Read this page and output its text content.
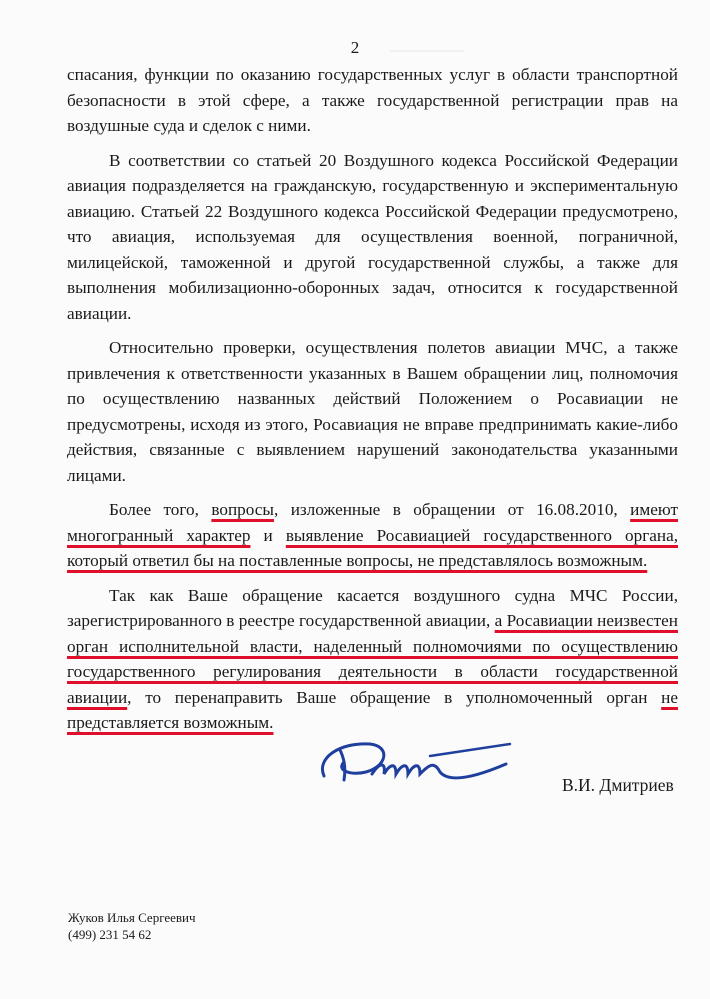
────────
2

спасания, функции по оказанию государственных услуг в области транспортной безопасности в этой сфере, а также государственной регистрации прав на воздушные суда и сделок с ними.

В соответствии со статьей 20 Воздушного кодекса Российской Федерации авиация подразделяется на гражданскую, государственную и экспериментальную авиацию. Статьей 22 Воздушного кодекса Российской Федерации предусмотрено, что авиация, используемая для осуществления военной, пограничной, милицейской, таможенной и другой государственной службы, а также для выполнения мобилизационно-оборонных задач, относится к государственной авиации.

Относительно проверки, осуществления полетов авиации МЧС, а также привлечения к ответственности указанных в Вашем обращении лиц, полномочия по осуществлению названных действий Положением о Росавиации не предусмотрены, исходя из этого, Росавиация не вправе предпринимать какие-либо действия, связанные с выявлением нарушений законодательства указанными лицами.

Более того, вопросы, изложенные в обращении от 16.08.2010, имеют многогранный характер и выявление Росавиацией государственного органа, который ответил бы на поставленные вопросы, не представлялось возможным.

Так как Ваше обращение касается воздушного судна МЧС России, зарегистрированного в реестре государственной авиации, а Росавиации неизвестен орган исполнительной власти, наделенный полномочиями по осуществлению государственного регулирования деятельности в области государственной авиации, то перенаправить Ваше обращение в уполномоченный орган не представляется возможным.

В.И. Дмитриев
Жуков Илья Сергеевич
(499) 231 54 62
